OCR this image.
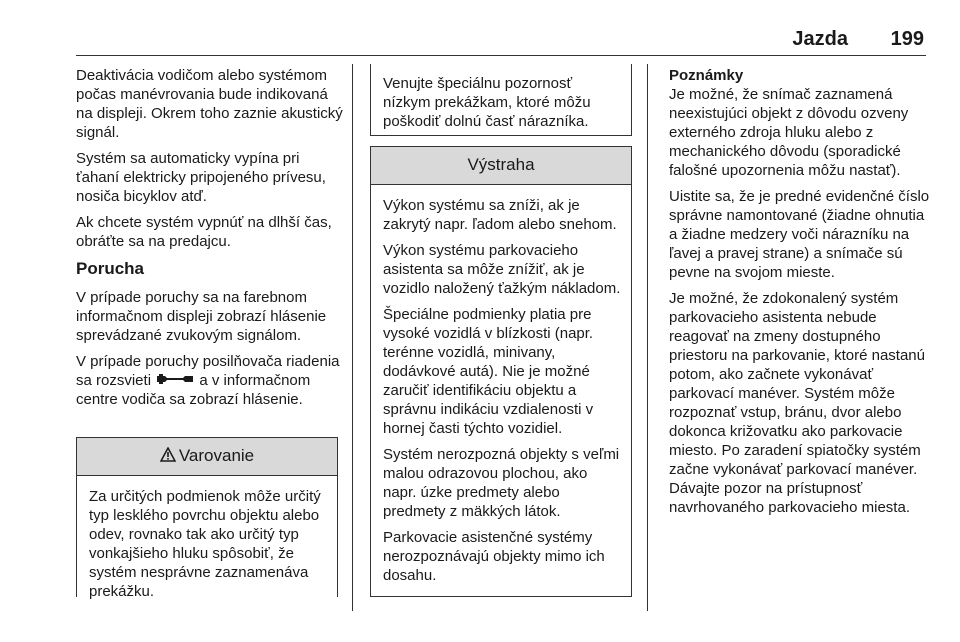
Jazda 199

Deaktivácia vodičom alebo systémom počas manévrovania bude indikovaná na displeji. Okrem toho zaznie akustický signál.

Systém sa automaticky vypína pri ťahaní elektricky pripojeného prívesu, nosiča bicyklov atď.

Ak chcete systém vypnúť na dlhší čas, obráťte sa na predajcu.

Porucha

V prípade poruchy sa na farebnom informačnom displeji zobrazí hlásenie sprevádzané zvukovým signálom.

V prípade poruchy posilňovača riadenia sa rozsvieti	a v informačnom centre vodiča sa zobrazí hlásenie.

Varovanie

Za určitých podmienok môže určitý typ lesklého povrchu objektu alebo odev, rovnako tak ako určitý typ vonkajšieho hluku spôsobiť, že systém nesprávne zaznamenáva prekážku.

Venujte špeciálnu pozornosť nízkym prekážkam, ktoré môžu poškodiť dolnú časť nárazníka.

Výstraha

Výkon systému sa zníži, ak je zakrytý napr. ľadom alebo snehom.

Výkon systému parkovacieho asistenta sa môže znížiť, ak je vozidlo naložený ťažkým nákladom.

Špeciálne podmienky platia pre vysoké vozidlá v blízkosti (napr. terénne vozidlá, minivany, dodávkové autá). Nie je možné zaručiť identifikáciu objektu a správnu indikáciu vzdialenosti v hornej časti týchto vozidiel.

Systém nerozpozná objekty s veľmi malou odrazovou plochou, ako napr. úzke predmety alebo predmety z mäkkých látok.

Parkovacie asistenčné systémy nerozpoznávajú objekty mimo ich dosahu.

Poznámky
Je možné, že snímač zaznamená neexistujúci objekt z dôvodu ozveny externého zdroja hluku alebo z mechanického dôvodu (sporadické falošné upozornenia môžu nastať).

Uistite sa, že je predné evidenčné číslo správne namontované (žiadne ohnutia a žiadne medzery voči nárazníku na ľavej a pravej strane) a snímače sú pevne na svojom mieste.

Je možné, že zdokonalený systém parkovacieho asistenta nebude reagovať na zmeny dostupného priestoru na parkovanie, ktoré nastanú potom, ako začnete vykonávať parkovací manéver. Systém môže rozpoznať vstup, bránu, dvor alebo dokonca križovatku ako parkovacie miesto. Po zaradení spiatočky systém začne vykonávať parkovací manéver. Dávajte pozor na prístupnosť navrhovaného parkovacieho miesta.
